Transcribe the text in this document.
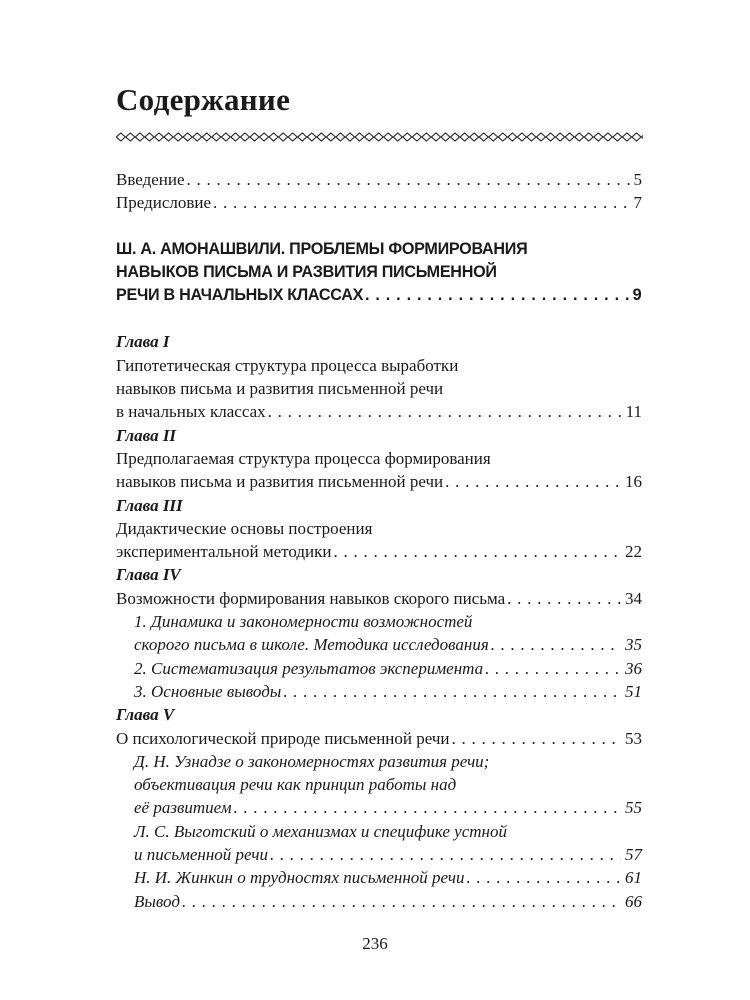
Содержание
Введение . . .	5
Предисловие . . .	7
Ш. А. АМОНАШВИЛИ. ПРОБЛЕМЫ ФОРМИРОВАНИЯ
НАВЫКОВ ПИСЬМА И РАЗВИТИЯ ПИСЬМЕННОЙ
РЕЧИ В НАЧАЛЬНЫХ КЛАССАХ . . .	9
Глава I
Гипотетическая структура процесса выработки
навыков письма и развития письменной речи
в начальных классах . . .	11
Глава II
Предполагаемая структура процесса формирования
навыков письма и развития письменной речи . . .	16
Глава III
Дидактические основы построения
экспериментальной методики . . .	22
Глава IV
Возможности формирования навыков скорого письма . . .	34
1. Динамика и закономерности возможностей
скорого письма в школе. Методика исследования . . .	35
2. Систематизация результатов эксперимента . . .	36
3. Основные выводы . . .	51
Глава V
О психологической природе письменной речи . . .	53
Д. Н. Узнадзе о закономерностях развития речи;
объективация речи как принцип работы над
её развитием . . .	55
Л. С. Выготский о механизмах и специфике устной
и письменной речи . . .	57
Н. И. Жинкин о трудностях письменной речи . . .	61
Вывод . . .	66
236
